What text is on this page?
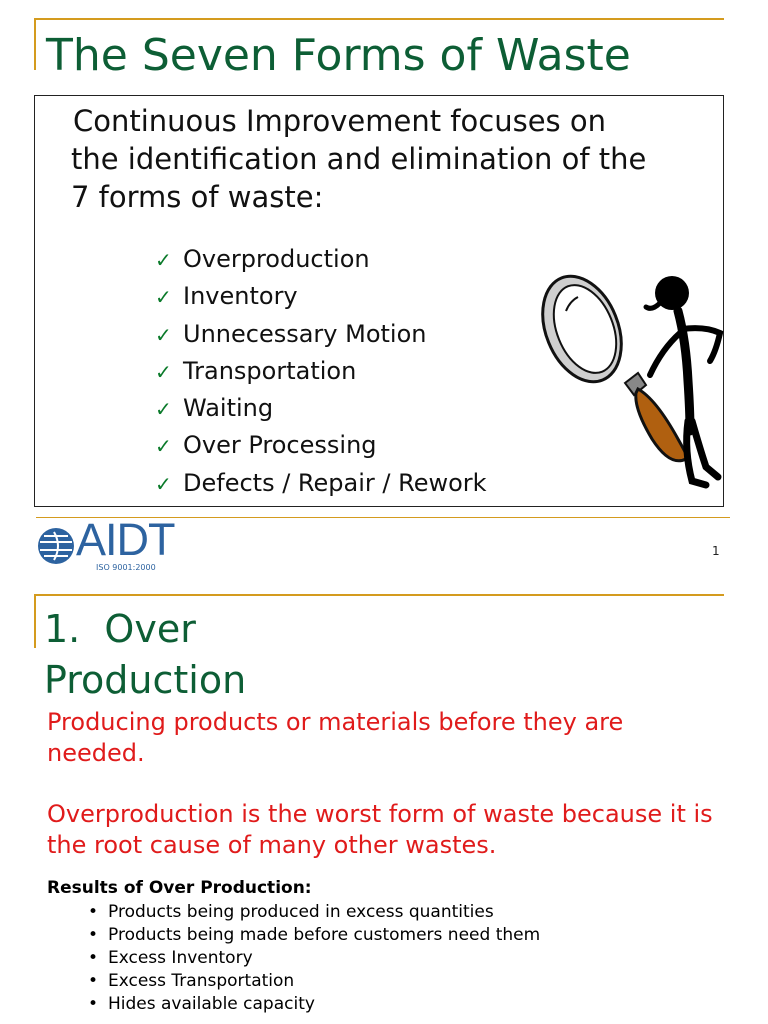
The Seven Forms of Waste
Continuous Improvement focuses on
the identification and elimination of the
7 forms of waste:
✓ Overproduction
✓ Inventory
✓ Unnecessary Motion
✓ Transportation
✓ Waiting
✓ Over Processing
✓ Defects / Repair / Rework
AIDT
ISO 9001:2000
1
1.  Over
Production
Producing products or materials before they are needed.
Overproduction is the worst form of waste because it is the root cause of many other wastes.
Results of Over Production:
• Products being produced in excess quantities
• Products being made before customers need them
• Excess Inventory
• Excess Transportation
• Hides available capacity
